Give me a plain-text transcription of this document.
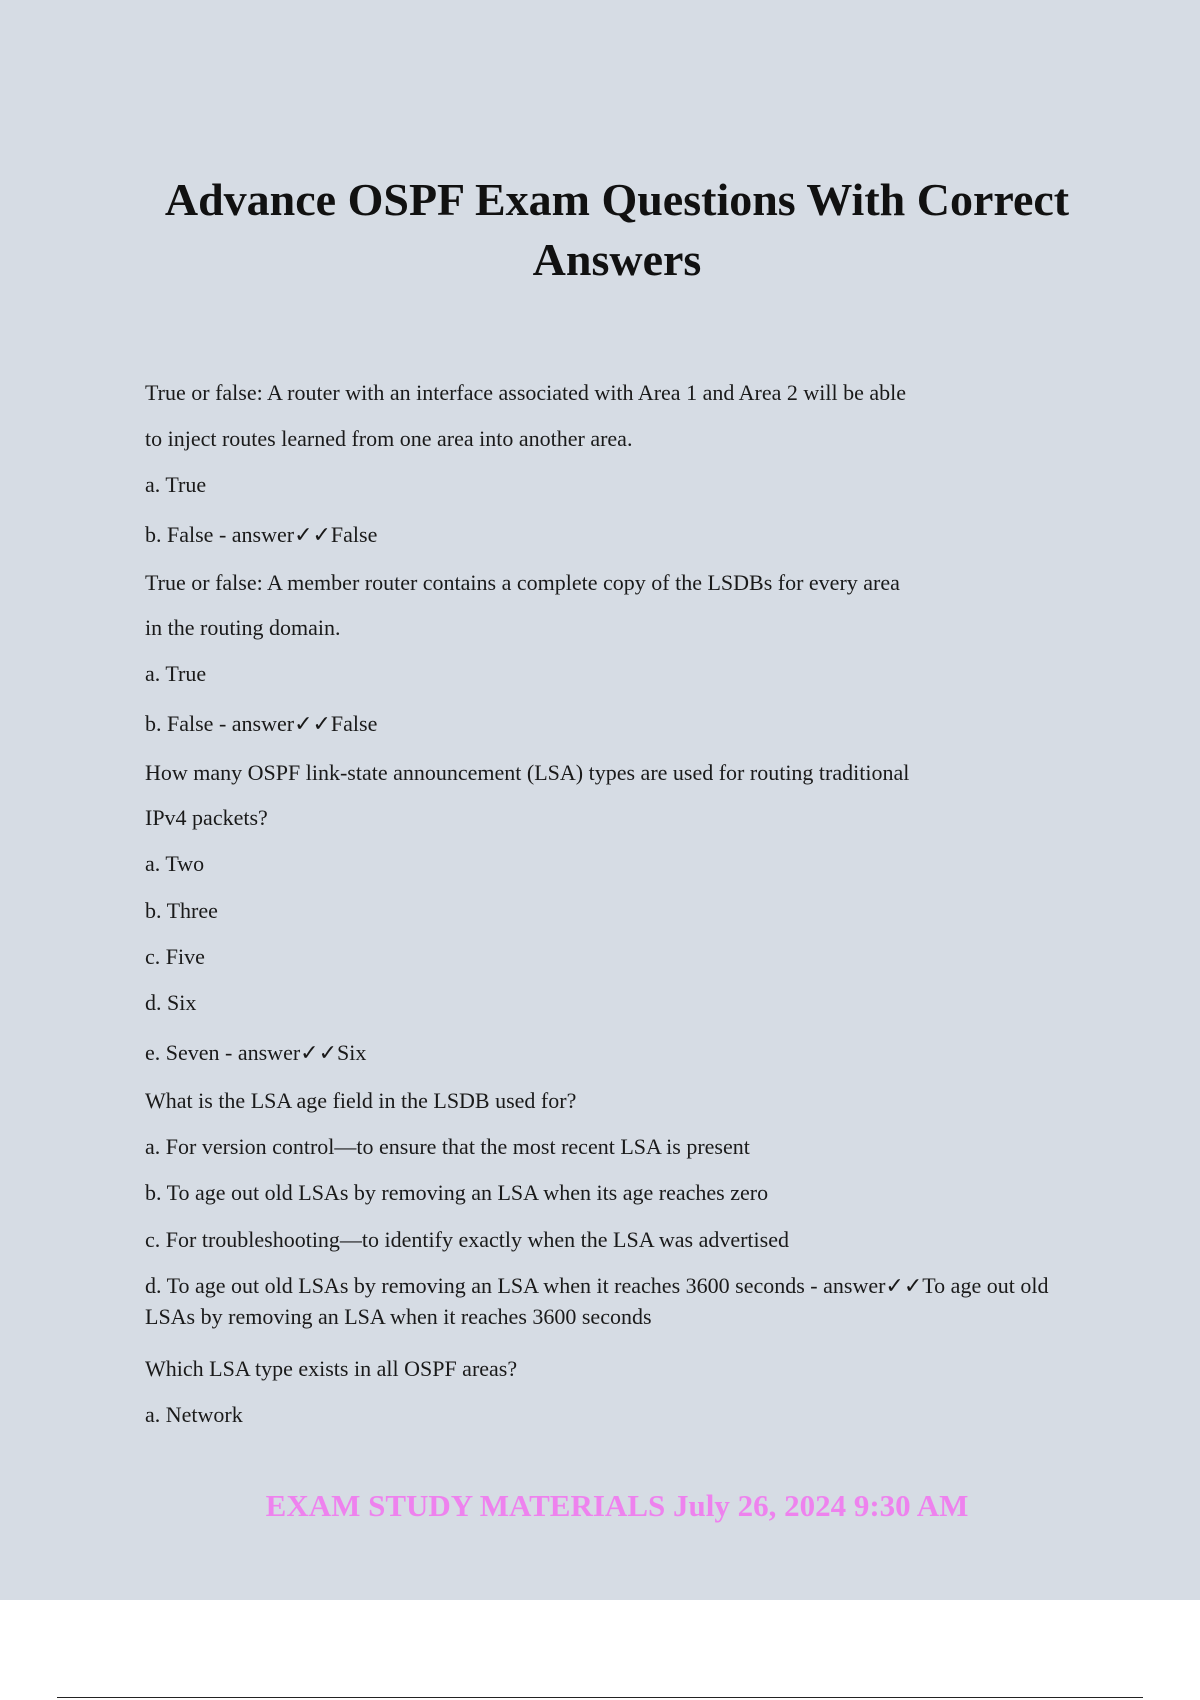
Advance OSPF Exam Questions With Correct Answers
True or false: A router with an interface associated with Area 1 and Area 2 will be able
to inject routes learned from one area into another area.
a. True
b. False - answer✓✓False
True or false: A member router contains a complete copy of the LSDBs for every area
in the routing domain.
a. True
b. False - answer✓✓False
How many OSPF link-state announcement (LSA) types are used for routing traditional
IPv4 packets?
a. Two
b. Three
c. Five
d. Six
e. Seven - answer✓✓Six
What is the LSA age field in the LSDB used for?
a. For version control—to ensure that the most recent LSA is present
b. To age out old LSAs by removing an LSA when its age reaches zero
c. For troubleshooting—to identify exactly when the LSA was advertised
d. To age out old LSAs by removing an LSA when it reaches 3600 seconds - answer✓✓To age out old LSAs by removing an LSA when it reaches 3600 seconds
Which LSA type exists in all OSPF areas?
a. Network
EXAM STUDY MATERIALS July 26, 2024 9:30 AM
